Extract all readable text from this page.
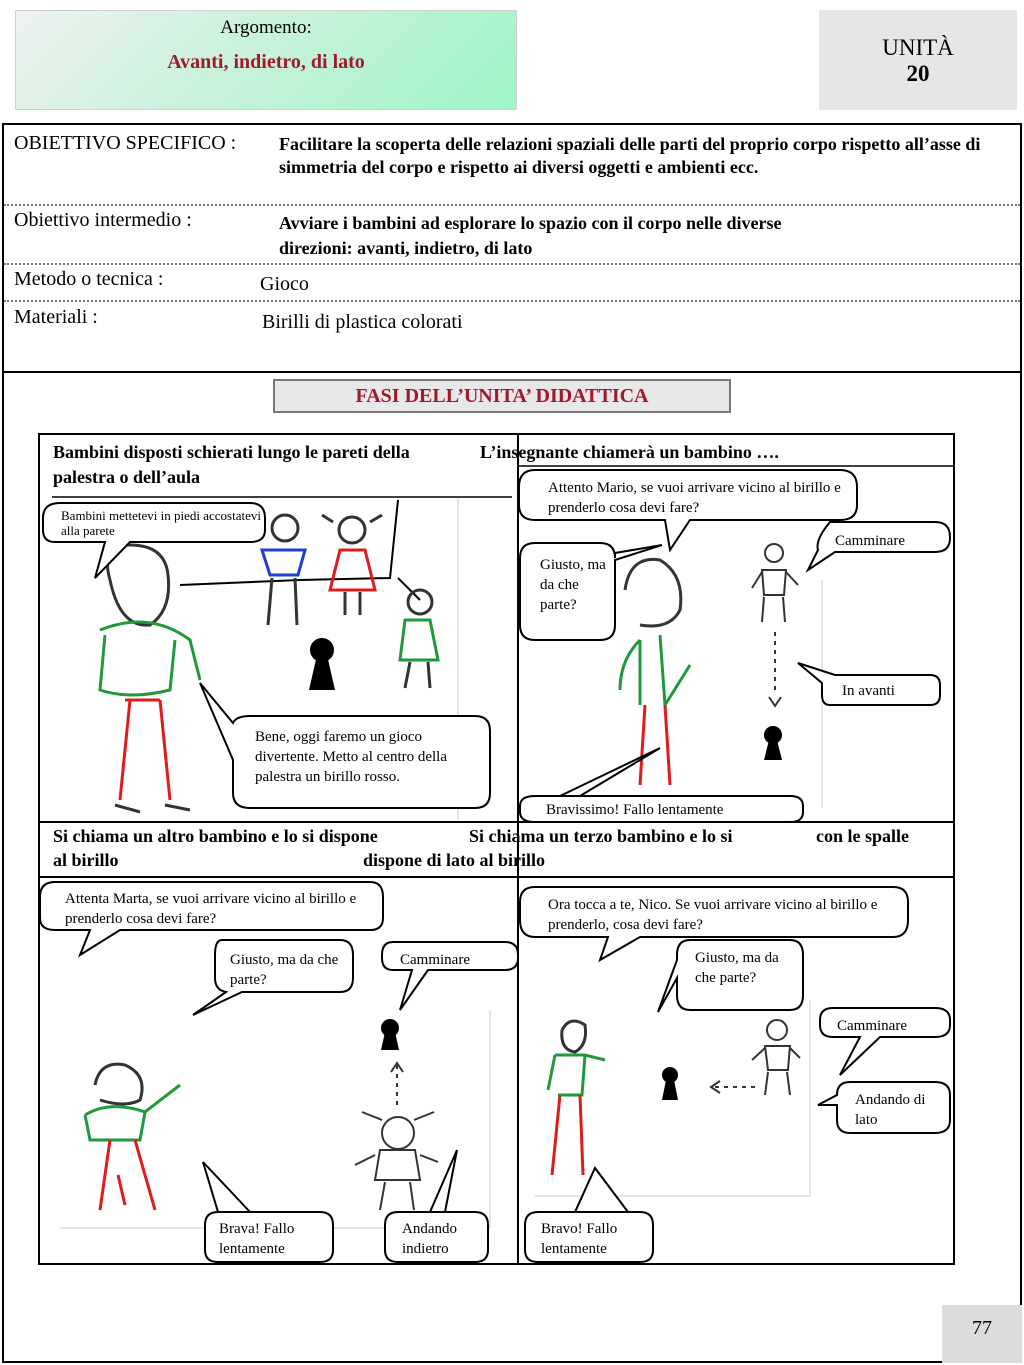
Argomento:
Avanti, indietro, di lato
UNITÀ
20
OBIETTIVO SPECIFICO : Facilitare la scoperta delle relazioni spaziali delle parti del proprio corpo rispetto all’asse di simmetria del corpo e rispetto ai diversi oggetti e ambienti ecc.
Obiettivo intermedio :	Avviare i bambini ad esplorare lo spazio con il corpo nelle diverse
direzioni: avanti, indietro, di lato
Metodo o tecnica :	Gioco
Materiali :	Birilli di plastica colorati
FASI DELL’UNITA’ DIDATTICA
Bambini disposti schierati lungo le pareti della
palestra o dell’aula
L’insegnante chiamerà un bambino ….
Si chiama un altro bambino e lo si dispone
al birillo
Si chiama un terzo bambino e lo si	con le spalle
dispone di lato al birillo
Bambini mettetevi in piedi accostatevi alla parete
Bene, oggi faremo un gioco divertente. Metto al centro della palestra un birillo rosso.
Attento Mario, se vuoi arrivare vicino al birillo e prenderlo cosa devi fare?
Camminare
Giusto, ma da che parte?
In avanti
Bravissimo! Fallo lentamente
Attenta Marta, se vuoi arrivare vicino al birillo e prenderlo cosa devi fare?
Giusto, ma da che parte?
Camminare
Brava! Fallo lentamente
Andando indietro
Ora tocca a te, Nico. Se vuoi arrivare vicino al birillo e prenderlo, cosa devi fare?
Giusto, ma da che parte?
Camminare
Andando di lato
Bravo! Fallo lentamente
77
